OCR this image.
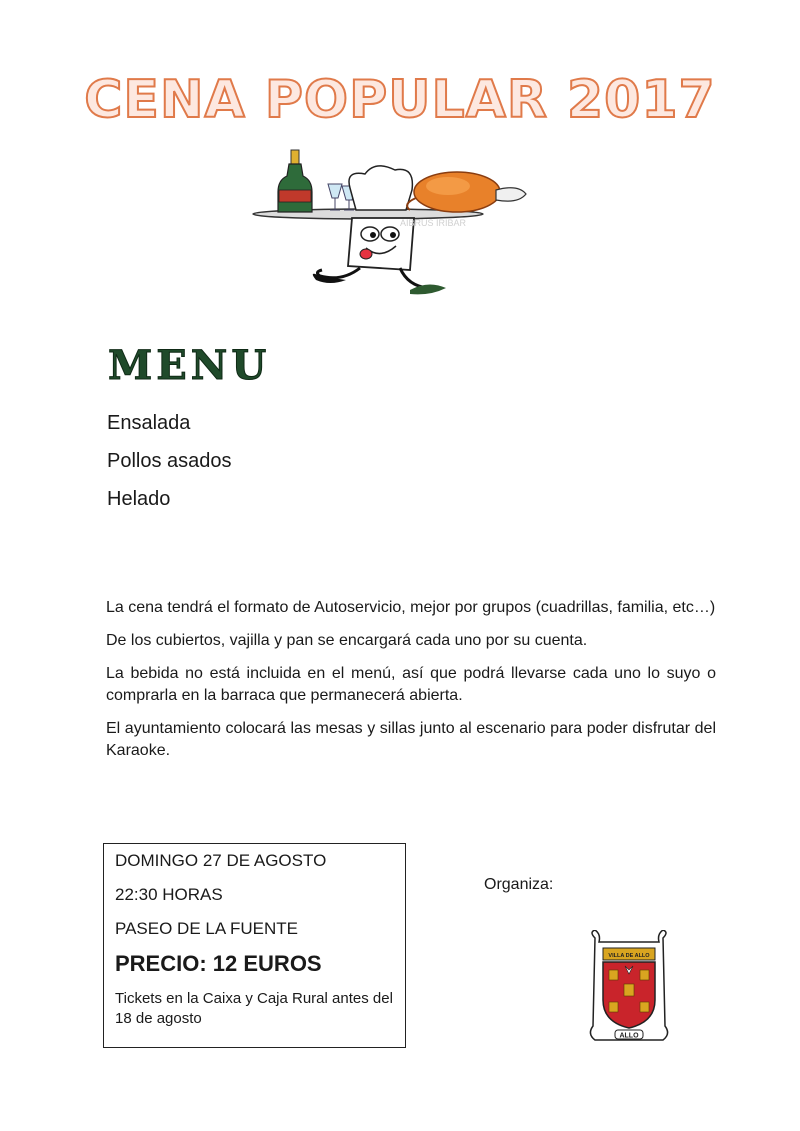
CENA POPULAR 2017
AIBRUS IRIBAR
MENU
Ensalada
Pollos asados
Helado

La cena tendrá el formato de Autoservicio, mejor por grupos (cuadrillas, familia, etc…)

De los cubiertos, vajilla y pan se encargará cada uno por su cuenta.

La bebida no está incluida en el menú, así que podrá llevarse cada uno lo suyo o comprarla en la barraca que permanecerá abierta.

El ayuntamiento colocará las mesas y sillas junto al escenario para poder disfrutar del Karaoke.

DOMINGO 27 DE AGOSTO
22:30 HORAS
PASEO DE LA FUENTE
PRECIO: 12 EUROS
Tickets en la Caixa y Caja Rural antes del 18 de agosto
Organiza:
VILLA DE ALLO
ALLO
